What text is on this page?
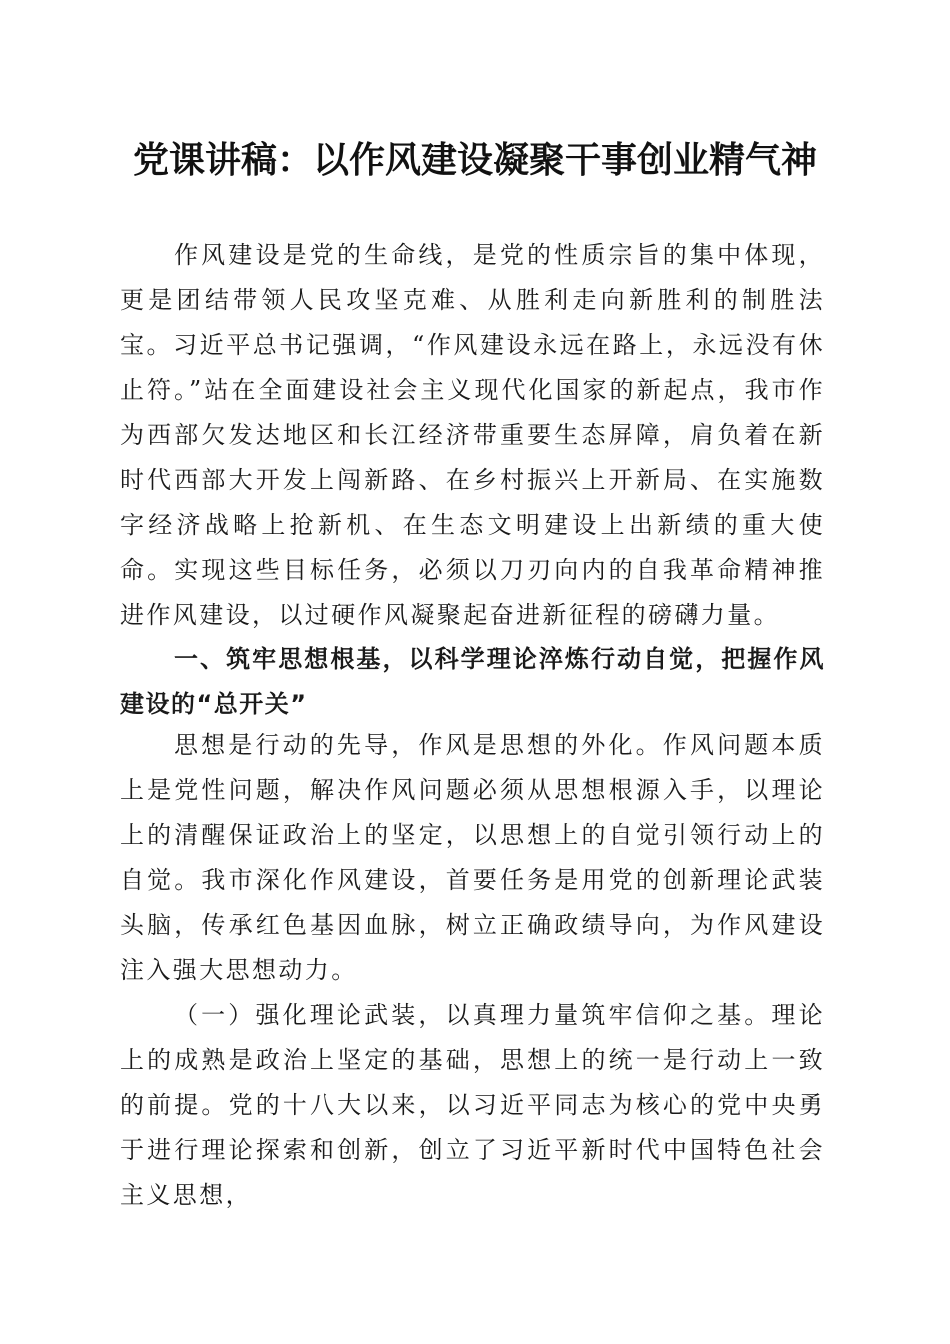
党课讲稿：以作风建设凝聚干事创业精气神

作风建设是党的生命线，是党的性质宗旨的集中体现，更是团结带领人民攻坚克难、从胜利走向新胜利的制胜法宝。习近平总书记强调，“作风建设永远在路上，永远没有休止符。”站在全面建设社会主义现代化国家的新起点，我市作为西部欠发达地区和长江经济带重要生态屏障，肩负着在新时代西部大开发上闯新路、在乡村振兴上开新局、在实施数字经济战略上抢新机、在生态文明建设上出新绩的重大使命。实现这些目标任务，必须以刀刃向内的自我革命精神推进作风建设，以过硬作风凝聚起奋进新征程的磅礴力量。

一、筑牢思想根基，以科学理论淬炼行动自觉，把握作风建设的“总开关”

思想是行动的先导，作风是思想的外化。作风问题本质上是党性问题，解决作风问题必须从思想根源入手，以理论上的清醒保证政治上的坚定，以思想上的自觉引领行动上的自觉。我市深化作风建设，首要任务是用党的创新理论武装头脑，传承红色基因血脉，树立正确政绩导向，为作风建设注入强大思想动力。

（一）强化理论武装，以真理力量筑牢信仰之基。理论上的成熟是政治上坚定的基础，思想上的统一是行动上一致的前提。党的十八大以来，以习近平同志为核心的党中央勇于进行理论探索和创新，创立了习近平新时代中国特色社会主义思想，
